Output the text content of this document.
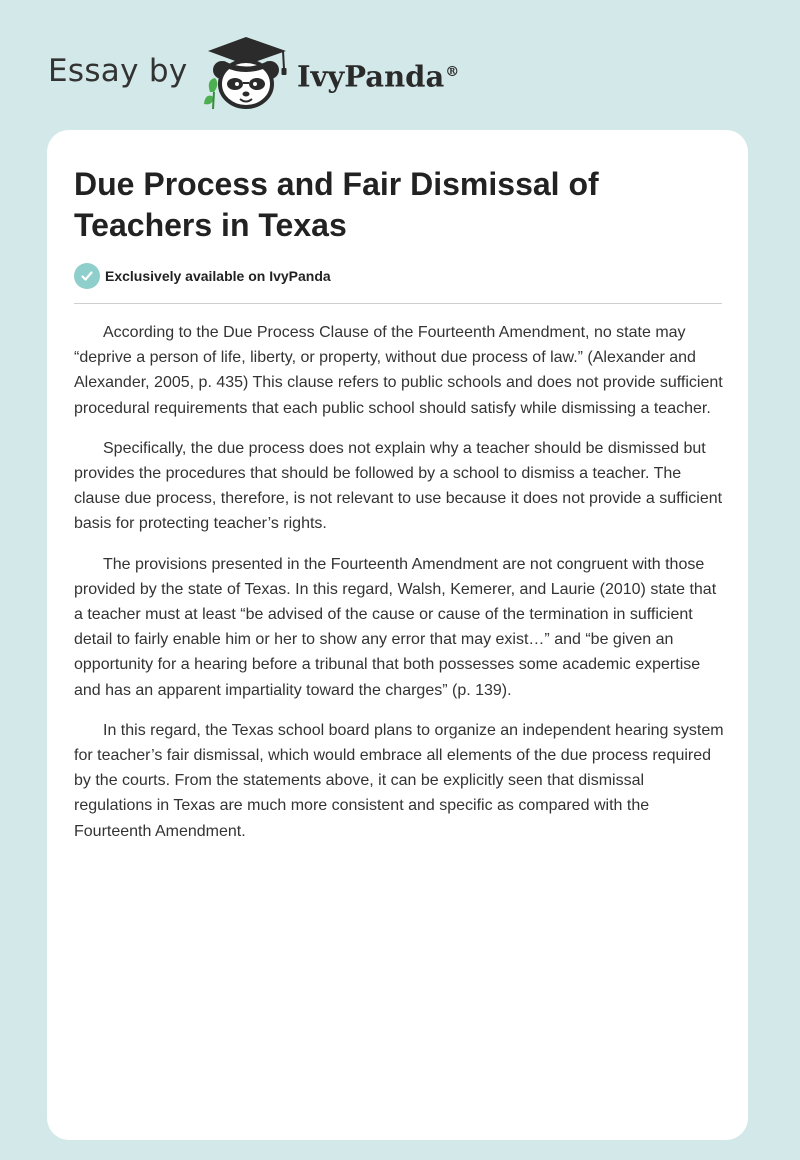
Essay by	IvyPanda®
Due Process and Fair Dismissal of Teachers in Texas
Exclusively available on IvyPanda

According to the Due Process Clause of the Fourteenth Amendment, no state may “deprive a person of life, liberty, or property, without due process of law.” (Alexander and Alexander, 2005, p. 435) This clause refers to public schools and does not provide sufficient procedural requirements that each public school should satisfy while dismissing a teacher.

Specifically, the due process does not explain why a teacher should be dismissed but provides the procedures that should be followed by a school to dismiss a teacher. The clause due process, therefore, is not relevant to use because it does not provide a sufficient basis for protecting teacher’s rights.

The provisions presented in the Fourteenth Amendment are not congruent with those provided by the state of Texas. In this regard, Walsh, Kemerer, and Laurie (2010) state that a teacher must at least “be advised of the cause or cause of the termination in sufficient detail to fairly enable him or her to show any error that may exist…” and “be given an opportunity for a hearing before a tribunal that both possesses some academic expertise and has an apparent impartiality toward the charges” (p. 139).

In this regard, the Texas school board plans to organize an independent hearing system for teacher’s fair dismissal, which would embrace all elements of the due process required by the courts. From the statements above, it can be explicitly seen that dismissal regulations in Texas are much more consistent and specific as compared with the Fourteenth Amendment.
